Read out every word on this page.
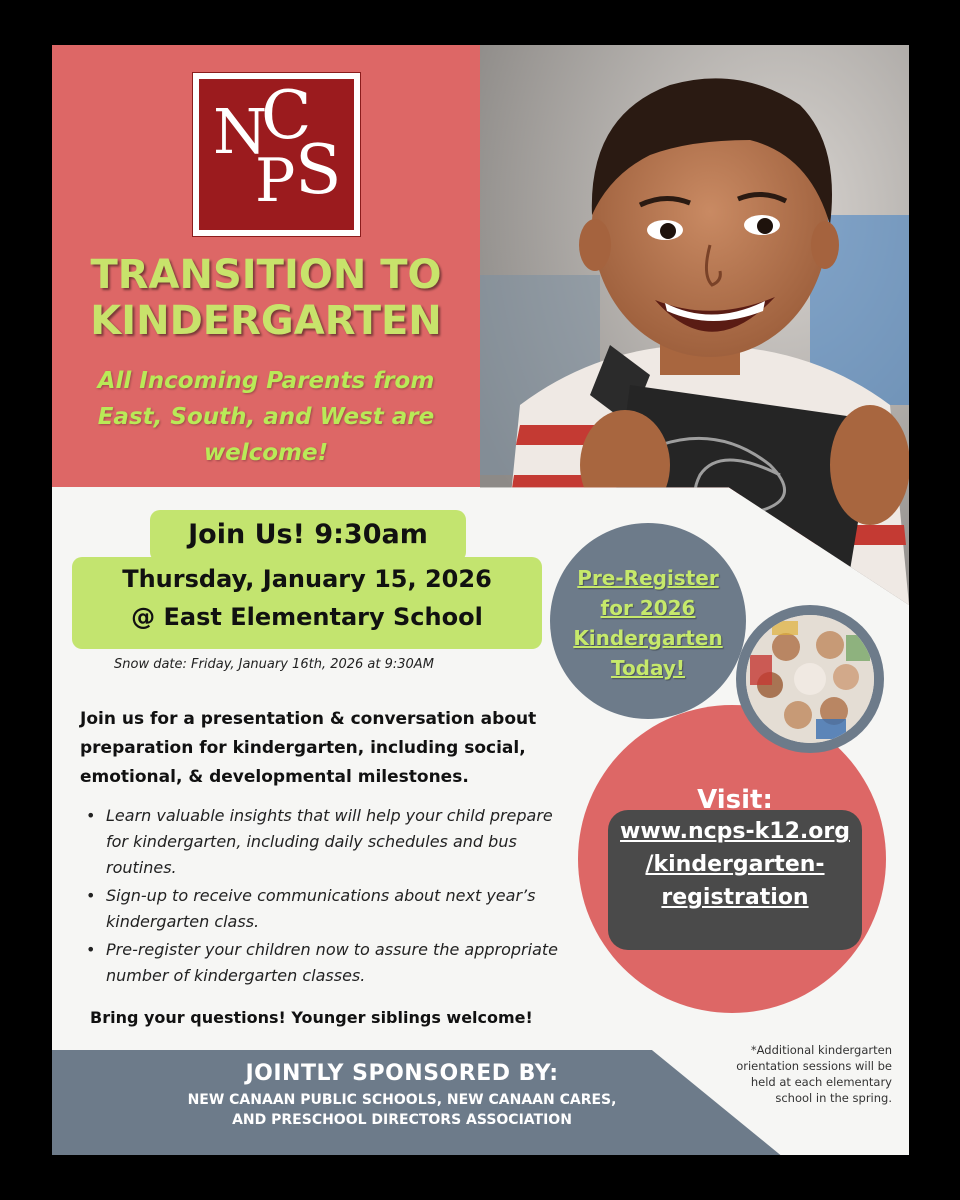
N
C
P S
TRANSITION TO
KINDERGARTEN
All Incoming Parents from
East, South, and West are
welcome!
Join Us! 9:30am
Thursday, January 15, 2026
@ East Elementary School
Snow date: Friday, January 16th, 2026 at 9:30AM
Join us for a presentation & conversation about preparation for kindergarten, including social, emotional, & developmental milestones.
• Learn valuable insights that will help your child prepare for kindergarten, including daily schedules and bus routines.
• Sign-up to receive communications about next year’s kindergarten class.
• Pre-register your children now to assure the appropriate number of kindergarten classes.
Bring your questions! Younger siblings welcome!
Pre-Register
for 2026
Kindergarten
Today!
Visit:
www.ncps-k12.org
/kindergarten-
registration
JOINTLY SPONSORED BY:
NEW CANAAN PUBLIC SCHOOLS, NEW CANAAN CARES,
AND PRESCHOOL DIRECTORS ASSOCIATION
*Additional kindergarten
orientation sessions will be
held at each elementary
school in the spring.
